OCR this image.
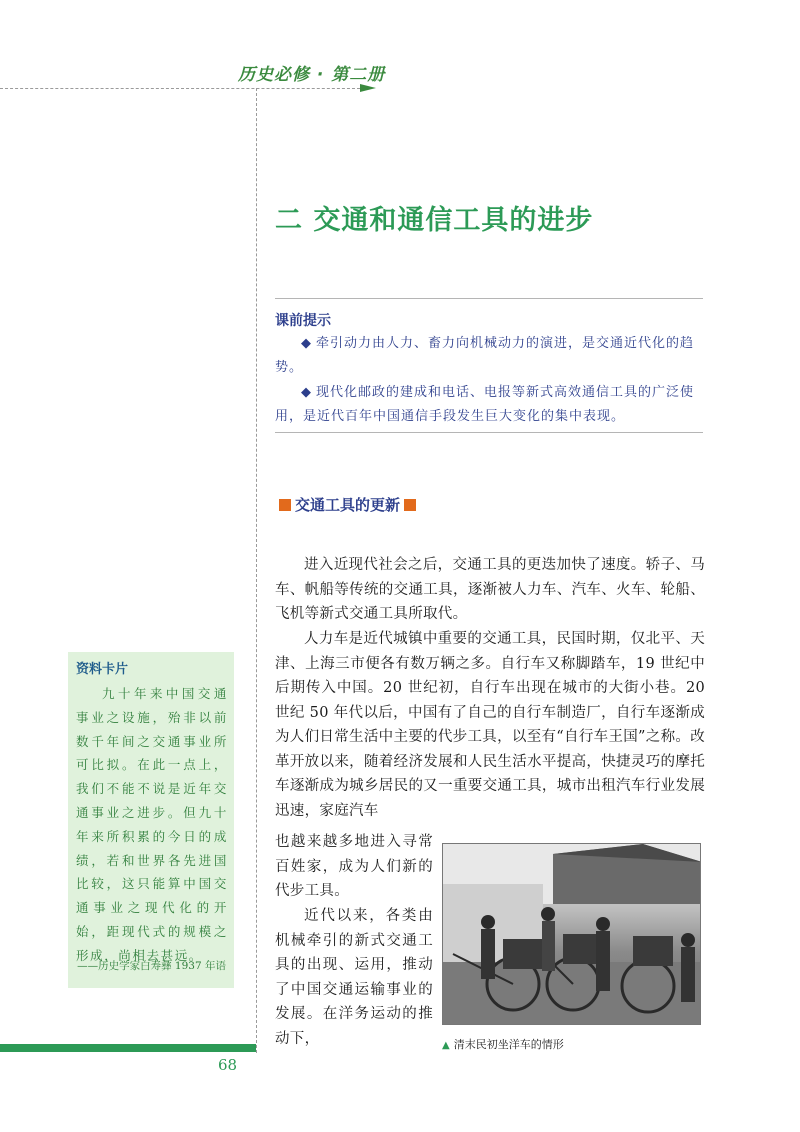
历史必修 · 第二册
二 交通和通信工具的进步
课前提示

◆ 牵引动力由人力、畜力向机械动力的演进，是交通近代化的趋势。

◆ 现代化邮政的建成和电话、电报等新式高效通信工具的广泛使用，是近代百年中国通信手段发生巨大变化的集中表现。

交通工具的更新

进入近现代社会之后，交通工具的更迭加快了速度。轿子、马车、帆船等传统的交通工具，逐渐被人力车、汽车、火车、轮船、飞机等新式交通工具所取代。

人力车是近代城镇中重要的交通工具，民国时期，仅北平、天津、上海三市便各有数万辆之多。自行车又称脚踏车，19 世纪中后期传入中国。20 世纪初，自行车出现在城市的大街小巷。20 世纪 50 年代以后，中国有了自己的自行车制造厂，自行车逐渐成为人们日常生活中主要的代步工具，以至有“自行车王国”之称。改革开放以来，随着经济发展和人民生活水平提高，快捷灵巧的摩托车逐渐成为城乡居民的又一重要交通工具，城市出租汽车行业发展迅速，家庭汽车

也越来越多地进入寻常百姓家，成为人们新的代步工具。

近代以来，各类由机械牵引的新式交通工具的出现、运用，推动了中国交通运输事业的发展。在洋务运动的推动下，	▲ 清末民初坐洋车的情形
资料卡片

九十年来中国交通事业之设施，殆非以前数千年间之交通事业所可比拟。在此一点上，我们不能不说是近年交通事业之进步。但九十年来所积累的今日的成绩，若和世界各先进国比较，这只能算中国交通事业之现代化的开始，距现代式的规模之形成，尚相去甚远。

——历史学家白寿彝 1937 年语
68
